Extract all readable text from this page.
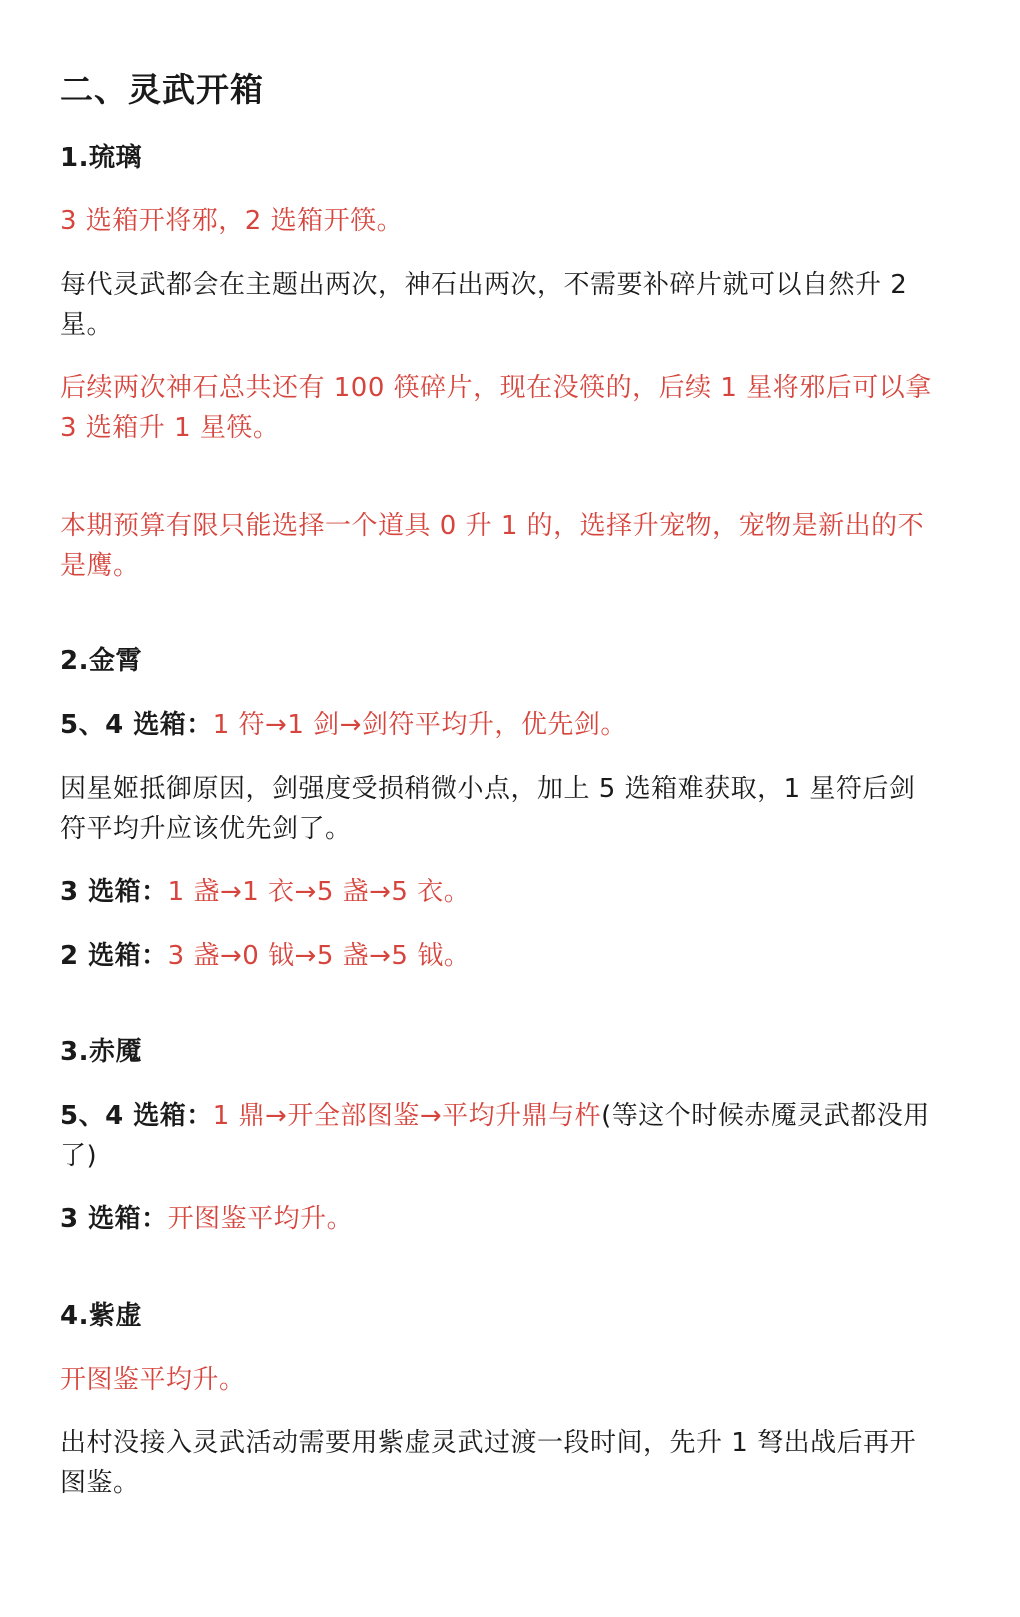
二、灵武开箱
1.琉璃
3 选箱开将邪，2 选箱开筷。
每代灵武都会在主题出两次，神石出两次，不需要补碎片就可以自然升 2 星。
后续两次神石总共还有 100 筷碎片，现在没筷的，后续 1 星将邪后可以拿 3 选箱升 1 星筷。
本期预算有限只能选择一个道具 0 升 1 的，选择升宠物，宠物是新出的不是鹰。
2.金霄
5、4 选箱：1 符→1 剑→剑符平均升，优先剑。
因星姬抵御原因，剑强度受损稍微小点，加上 5 选箱难获取，1 星符后剑符平均升应该优先剑了。
3 选箱：1 盏→1 衣→5 盏→5 衣。
2 选箱：3 盏→0 钺→5 盏→5 钺。
3.赤魇
5、4 选箱：1 鼎→开全部图鉴→平均升鼎与杵(等这个时候赤魇灵武都没用了)
3 选箱：开图鉴平均升。
4.紫虚
开图鉴平均升。
出村没接入灵武活动需要用紫虚灵武过渡一段时间，先升 1 弩出战后再开图鉴。
